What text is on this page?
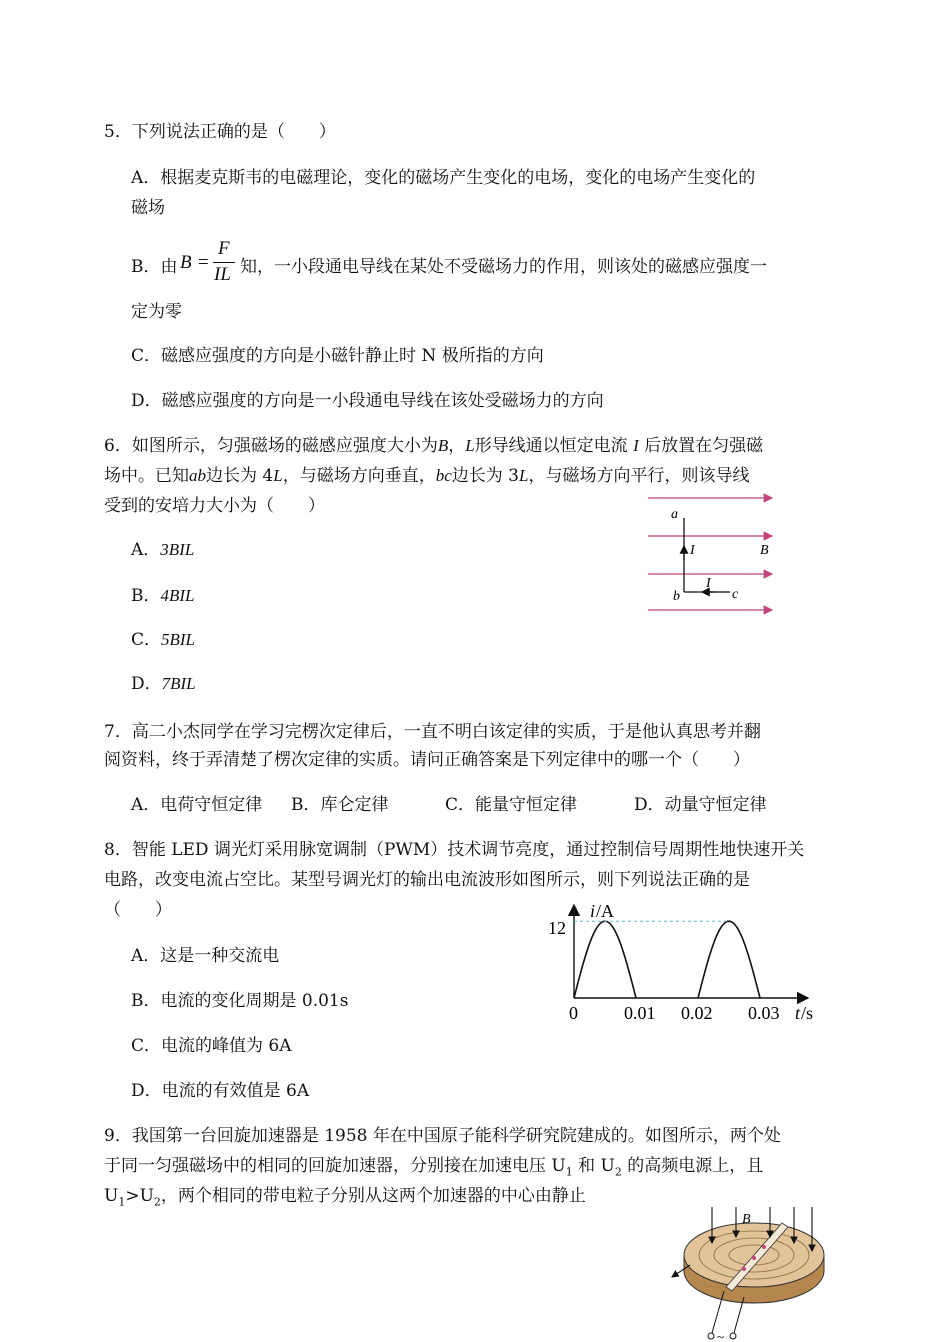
5．下列说法正确的是（　　）
A．根据麦克斯韦的电磁理论，变化的磁场产生变化的电场，变化的电场产生变化的
磁场
B．由 B =
F
IL 知，一小段通电导线在某处不受磁场力的作用，则该处的磁感应强度一
定为零
C．磁感应强度的方向是小磁针静止时 N 极所指的方向
D．磁感应强度的方向是一小段通电导线在该处受磁场力的方向
6．如图所示，匀强磁场的磁感应强度大小为B，L形导线通以恒定电流 I 后放置在匀强磁
场中。已知ab边长为 4L，与磁场方向垂直，bc边长为 3L，与磁场方向平行，则该导线
受到的安培力大小为（　　）
A．3BIL
B．4BIL
C．5BIL
D．7BIL
a
b	c
I
I
B
7．高二小杰同学在学习完楞次定律后，一直不明白该定律的实质，于是他认真思考并翻
阅资料，终于弄清楚了楞次定律的实质。请问正确答案是下列定律中的哪一个（　　）
A．电荷守恒定律 B．库仑定律	C．能量守恒定律	D．动量守恒定律
8．智能 LED 调光灯采用脉宽调制（PWM）技术调节亮度，通过控制信号周期性地快速开关
电路，改变电流占空比。某型号调光灯的输出电流波形如图所示，则下列说法正确的是
（　　）
A．这是一种交流电
B．电流的变化周期是 0.01s
C．电流的峰值为 6A
D．电流的有效值是 6A
i /A
12
0	0.01 0.02 0.03 t /s
9．我国第一台回旋加速器是 1958 年在中国原子能科学研究院建成的。如图所示，两个处
于同一匀强磁场中的相同的回旋加速器，分别接在加速电压 $U_1$ 和 $U_2$ 的高频电源上，且
$U_1>U_2$，两个相同的带电粒子分别从这两个加速器的中心由静止
B
~
